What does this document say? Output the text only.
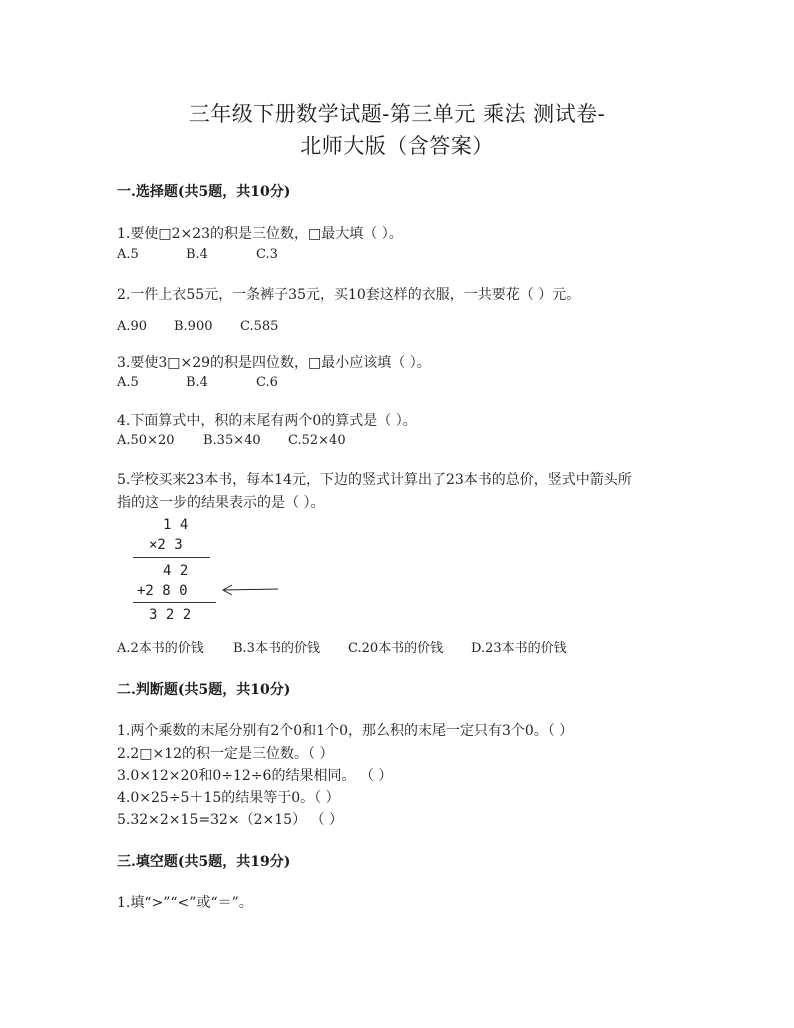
三年级下册数学试题-第三单元 乘法 测试卷-
北师大版（含答案）
一.选择题(共5题，共10分)
1.要使□2×23的积是三位数，□最大填（ ）。
A.5	B.4	C.3
2.一件上衣55元，一条裤子35元，买10套这样的衣服，一共要花（ ）元。
A.90 B.900 C.585
3.要使3□×29的积是四位数，□最小应该填（ ）。
A.5	B.4	C.6
4.下面算式中，积的末尾有两个0的算式是（ ）。
A.50×20 B.35×40 C.52×40
5.学校买来23本书，每本14元，下边的竖式计算出了23本书的总价，竖式中箭头所
指的这一步的结果表示的是（ ）。
1 4
×2 3
4 2
+2 8 0
3 2 2
A.2本书的价钱 B.3本书的价钱 C.20本书的价钱 D.23本书的价钱
二.判断题(共5题，共10分)
1.两个乘数的末尾分别有2个0和1个0，那么积的末尾一定只有3个0。（ ）
2.2□×12的积一定是三位数。（ ）
3.0×12×20和0÷12÷6的结果相同。 （ ）
4.0×25÷5＋15的结果等于0。（ ）
5.32×2×15=32×（2×15） （ ）
三.填空题(共5题，共19分)
1.填“>”“<”或“＝”。
